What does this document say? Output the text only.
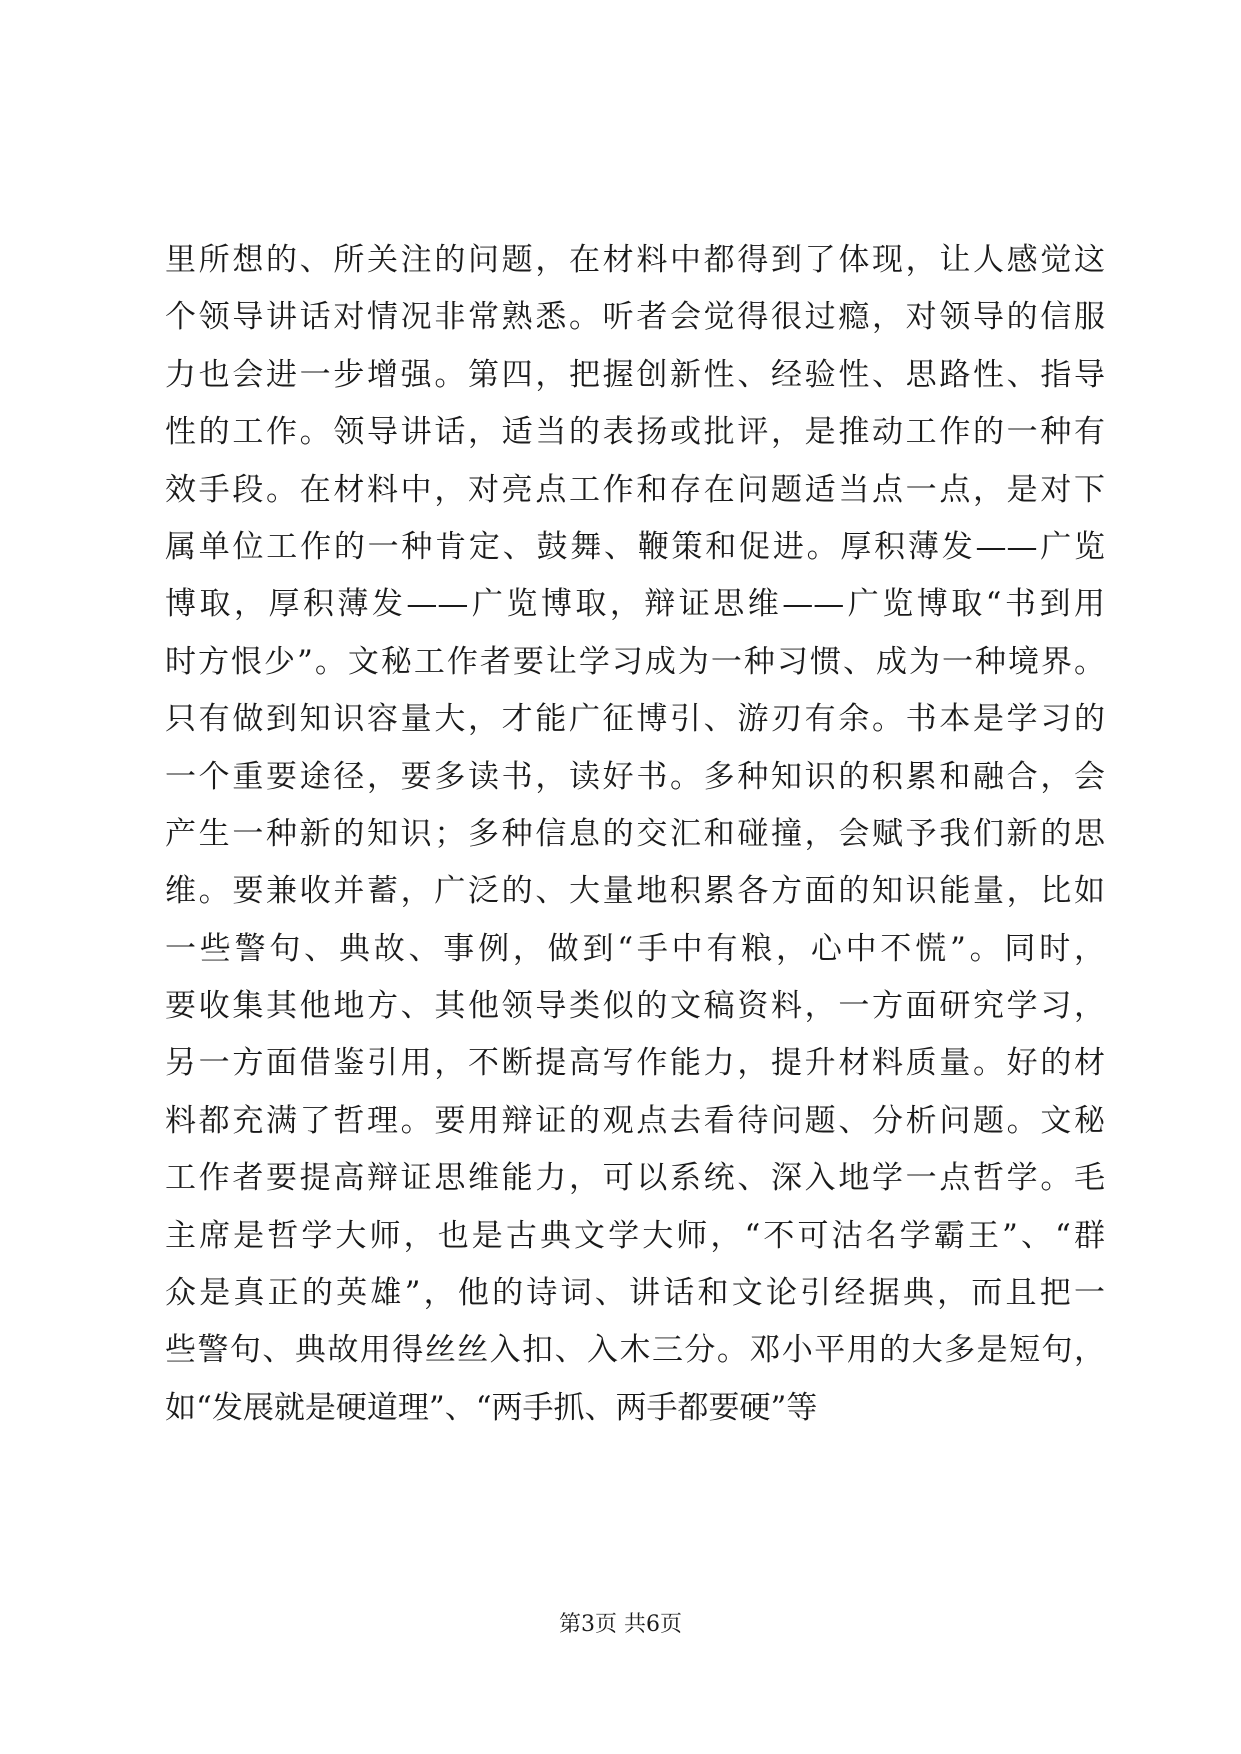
里所想的、所关注的问题，在材料中都得到了体现，让人感觉这
个领导讲话对情况非常熟悉。听者会觉得很过瘾，对领导的信服
力也会进一步增强。第四，把握创新性、经验性、思路性、指导
性的工作。领导讲话，适当的表扬或批评，是推动工作的一种有
效手段。在材料中，对亮点工作和存在问题适当点一点，是对下
属单位工作的一种肯定、鼓舞、鞭策和促进。厚积薄发——广览
博取，厚积薄发——广览博取，辩证思维——广览博取“书到用
时方恨少”。文秘工作者要让学习成为一种习惯、成为一种境界。
只有做到知识容量大，才能广征博引、游刃有余。书本是学习的
一个重要途径，要多读书，读好书。多种知识的积累和融合，会
产生一种新的知识；多种信息的交汇和碰撞，会赋予我们新的思
维。要兼收并蓄，广泛的、大量地积累各方面的知识能量，比如
一些警句、典故、事例，做到“手中有粮，心中不慌”。同时，
要收集其他地方、其他领导类似的文稿资料，一方面研究学习，
另一方面借鉴引用，不断提高写作能力，提升材料质量。好的材
料都充满了哲理。要用辩证的观点去看待问题、分析问题。文秘
工作者要提高辩证思维能力，可以系统、深入地学一点哲学。毛
主席是哲学大师，也是古典文学大师，“不可沽名学霸王”、“群
众是真正的英雄”，他的诗词、讲话和文论引经据典，而且把一
些警句、典故用得丝丝入扣、入木三分。邓小平用的大多是短句，
如“发展就是硬道理”、“两手抓、两手都要硬”等
第3页 共6页
